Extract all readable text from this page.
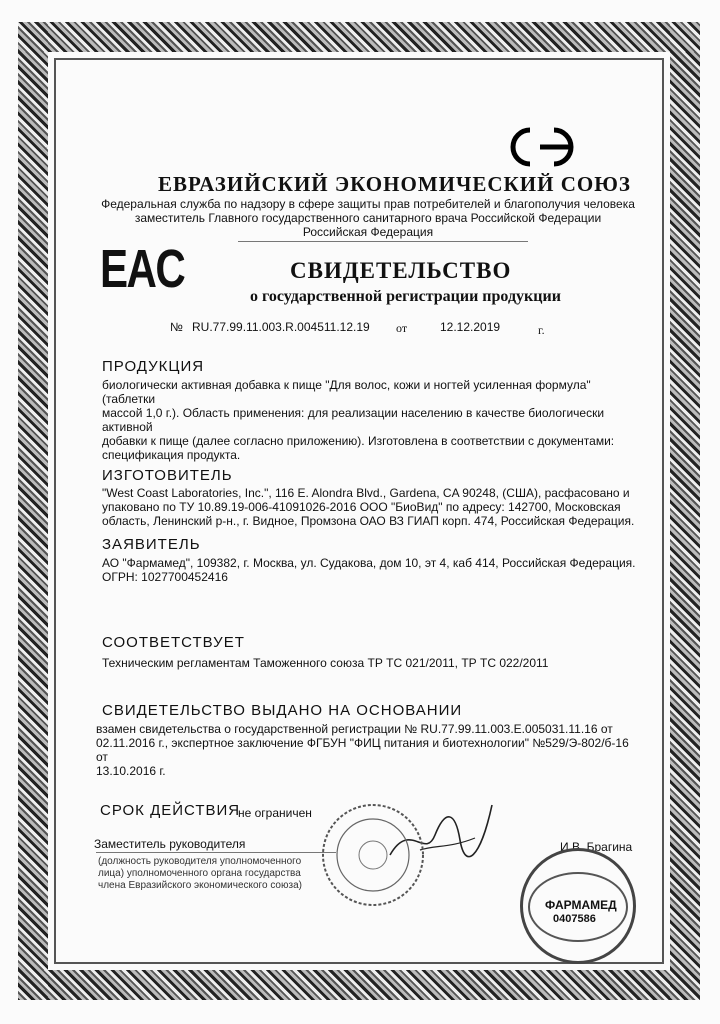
ЕВРАЗИЙСКИЙ ЭКОНОМИЧЕСКИЙ СОЮЗ
Федеральная служба по надзору в сфере защиты прав потребителей и благополучия человека
заместитель Главного государственного санитарного врача Российской Федерации
Российская Федерация
EAC	СВИДЕТЕЛЬСТВО
о государственной регистрации продукции
№ RU.77.99.11.003.R.004511.12.19 от	12.12.2019	г.
ПРОДУКЦИЯ
биологически активная добавка к пище "Для волос, кожи и ногтей усиленная формула" (таблетки
массой 1,0 г.). Область применения: для реализации населению в качестве биологически активной
добавки к пище (далее согласно приложению). Изготовлена в соответствии с документами:
спецификация продукта.
ИЗГОТОВИТЕЛЬ
"West Coast Laboratories, Inc.", 116 E. Alondra Blvd., Gardena, CA 90248, (США), расфасовано и
упаковано по ТУ 10.89.19-006-41091026-2016 ООО "БиоВид" по адресу: 142700, Московская
область, Ленинский р-н., г. Видное, Промзона ОАО ВЗ ГИАП корп. 474, Российская Федерация.
ЗАЯВИТЕЛЬ
АО "Фармамед", 109382, г. Москва, ул. Судакова, дом 10, эт 4, каб 414, Российская Федерация.
ОГРН: 1027700452416
СООТВЕТСТВУЕТ
Техническим регламентам Таможенного союза ТР ТС 021/2011, ТР ТС 022/2011
СВИДЕТЕЛЬСТВО ВЫДАНО НА ОСНОВАНИИ
взамен свидетельства о государственной регистрации № RU.77.99.11.003.E.005031.11.16 от
02.11.2016 г., экспертное заключение ФГБУН "ФИЦ питания и биотехнологии" №529/Э-802/б-16 от
13.10.2016 г.
СРОК ДЕЙСТВИЯ
не ограничен
Заместитель руководителя
(должность руководителя уполномоченного
лица) уполномоченного органа государства
члена Евразийского экономического союза)
И.В. Брагина
ФАРМАМЕД
0407586
